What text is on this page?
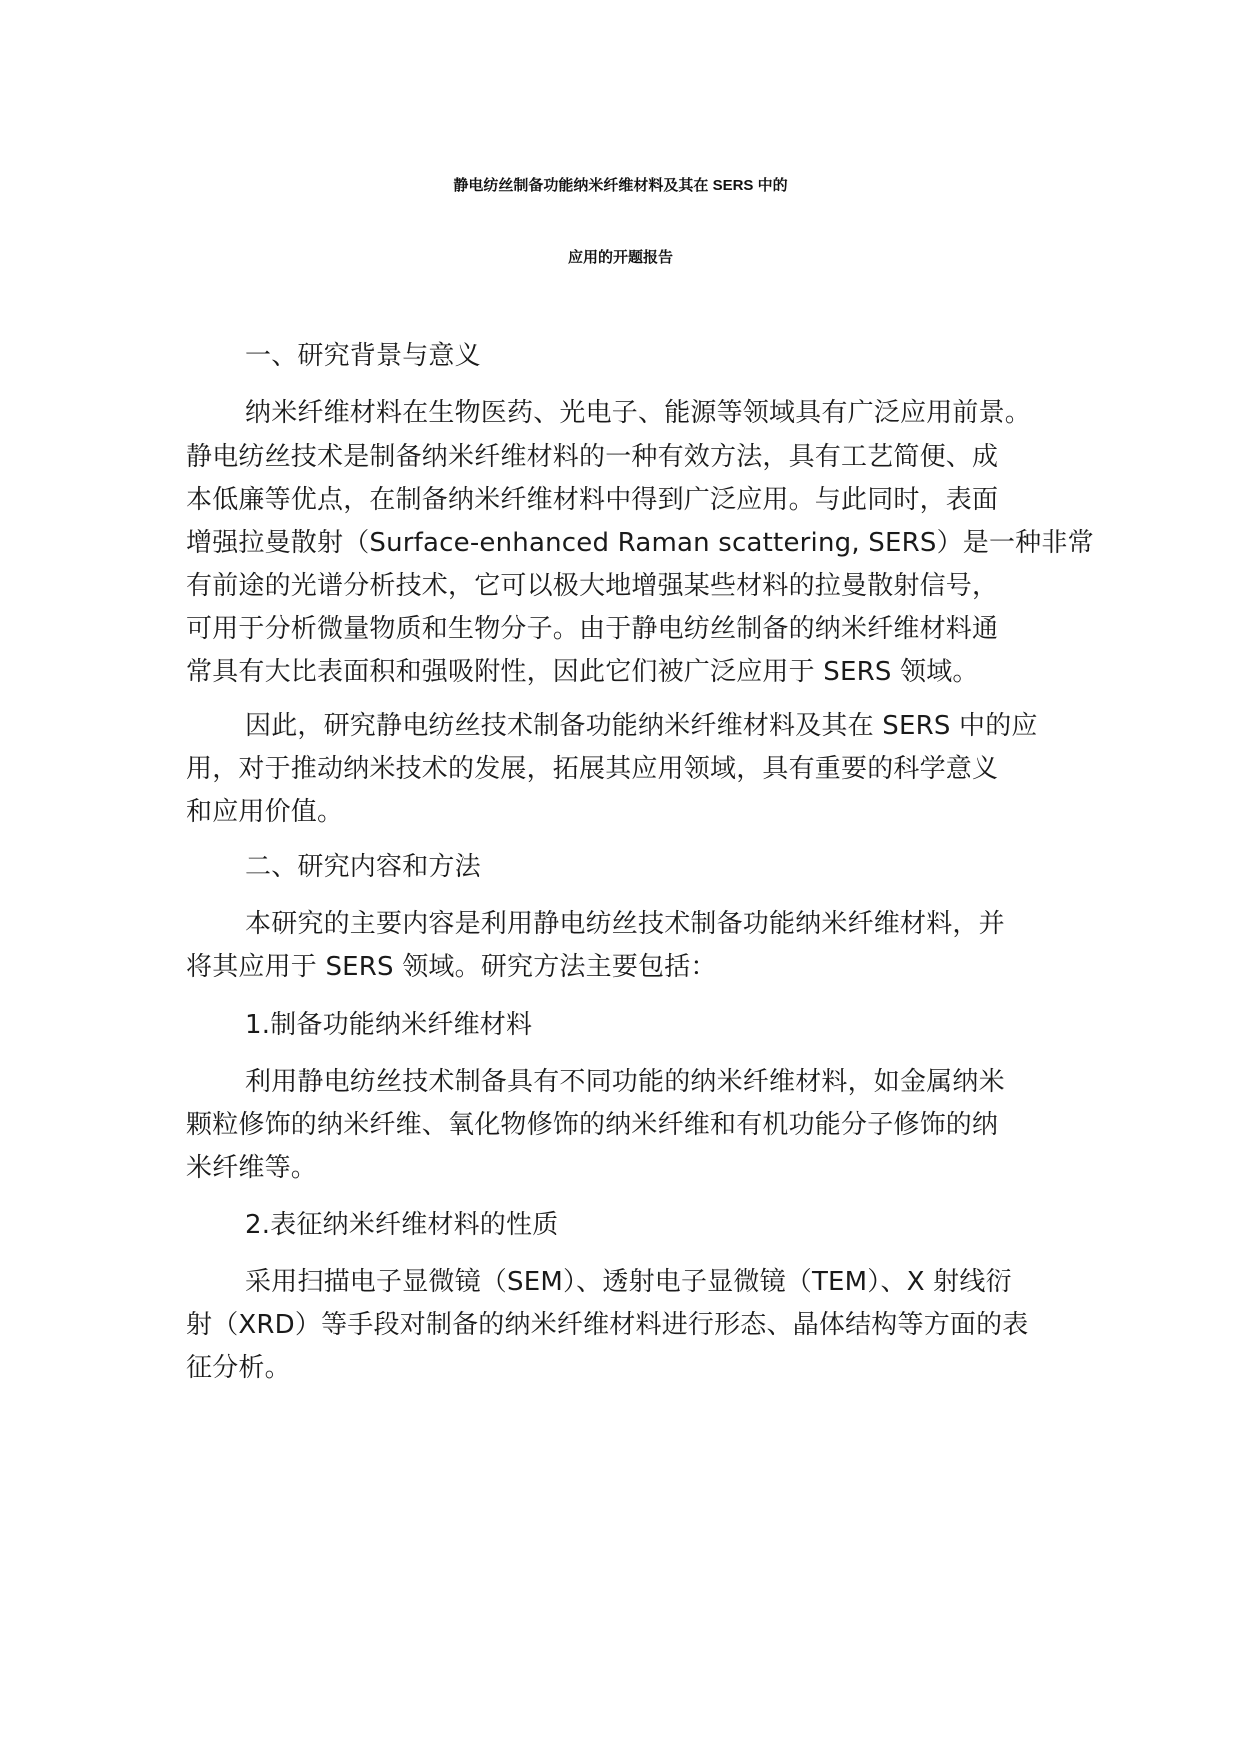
静电纺丝制备功能纳米纤维材料及其在 SERS 中的
应用的开题报告
一、研究背景与意义
纳米纤维材料在生物医药、光电子、能源等领域具有广泛应用前景。
静电纺丝技术是制备纳米纤维材料的一种有效方法，具有工艺简便、成
本低廉等优点，在制备纳米纤维材料中得到广泛应用。与此同时，表面
增强拉曼散射（Surface-enhanced Raman scattering, SERS）是一种非常
有前途的光谱分析技术，它可以极大地增强某些材料的拉曼散射信号，
可用于分析微量物质和生物分子。由于静电纺丝制备的纳米纤维材料通
常具有大比表面积和强吸附性，因此它们被广泛应用于 SERS 领域。
因此，研究静电纺丝技术制备功能纳米纤维材料及其在 SERS 中的应
用，对于推动纳米技术的发展，拓展其应用领域，具有重要的科学意义
和应用价值。
二、研究内容和方法
本研究的主要内容是利用静电纺丝技术制备功能纳米纤维材料，并
将其应用于 SERS 领域。研究方法主要包括：
1.制备功能纳米纤维材料
利用静电纺丝技术制备具有不同功能的纳米纤维材料，如金属纳米
颗粒修饰的纳米纤维、氧化物修饰的纳米纤维和有机功能分子修饰的纳
米纤维等。
2.表征纳米纤维材料的性质
采用扫描电子显微镜（SEM）、透射电子显微镜（TEM）、X 射线衍
射（XRD）等手段对制备的纳米纤维材料进行形态、晶体结构等方面的表
征分析。
